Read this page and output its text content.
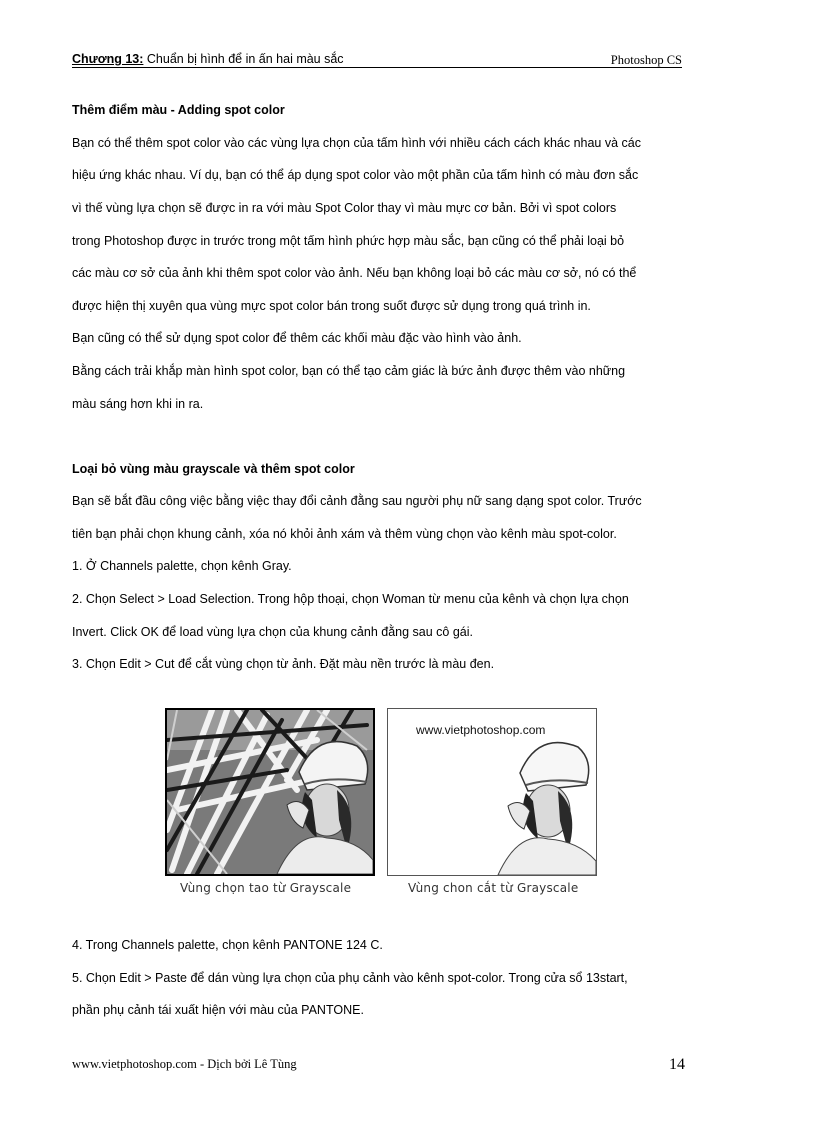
Chương 13: Chuẩn bị hình để in ấn hai màu sắc	Photoshop CS
Thêm điểm màu - Adding spot color
Bạn có thể thêm spot color vào các vùng lựa chọn của tấm hình với nhiều cách cách khác nhau và các
hiệu ứng khác nhau. Ví dụ, bạn có thể áp dụng spot color vào một phần của tấm hình có màu đơn sắc
vì thế vùng lựa chọn sẽ được in ra với màu Spot Color thay vì màu mực cơ bản. Bởi vì spot colors
trong Photoshop được in trước trong một tấm hình phức hợp màu sắc, bạn cũng có thể phải loại bỏ
các màu cơ sở của ảnh khi thêm spot color vào ảnh. Nếu bạn không loại bỏ các màu cơ sở, nó có thể
được hiện thị xuyên qua vùng mực spot color bán trong suốt được sử dụng trong quá trình in.
Bạn cũng có thể sử dụng spot color để thêm các khối màu đặc vào hình vào ảnh.
Bằng cách trải khắp màn hình spot color, bạn có thể tạo cảm giác là bức ảnh được thêm vào những
màu sáng hơn khi in ra.
Loại bỏ vùng màu grayscale và thêm spot color
Bạn sẽ bắt đầu công việc bằng việc thay đổi cảnh đằng sau người phụ nữ sang dạng spot color. Trước
tiên bạn phải chọn khung cảnh, xóa nó khỏi ảnh xám và thêm vùng chọn vào kênh màu spot-color.
1. Ở Channels palette, chọn kênh Gray.
2. Chọn Select > Load Selection. Trong hộp thoại, chọn Woman từ menu của kênh và chọn lựa chọn
Invert. Click OK để load vùng lựa chọn của khung cảnh đằng sau cô gái.
3. Chọn Edit > Cut để cắt vùng chọn từ ảnh. Đặt màu nền trước là màu đen.
www.vietphotoshop.com
Vùng chọn tao từ Grayscale	Vùng chon cắt từ Grayscale
4. Trong Channels palette, chọn kênh PANTONE 124 C.
5. Chọn Edit > Paste để dán vùng lựa chọn của phụ cảnh vào kênh spot-color. Trong cửa sổ 13start,
phần phụ cảnh tái xuất hiện với màu của PANTONE.
www.vietphotoshop.com - Dịch bởi Lê Tùng	14
